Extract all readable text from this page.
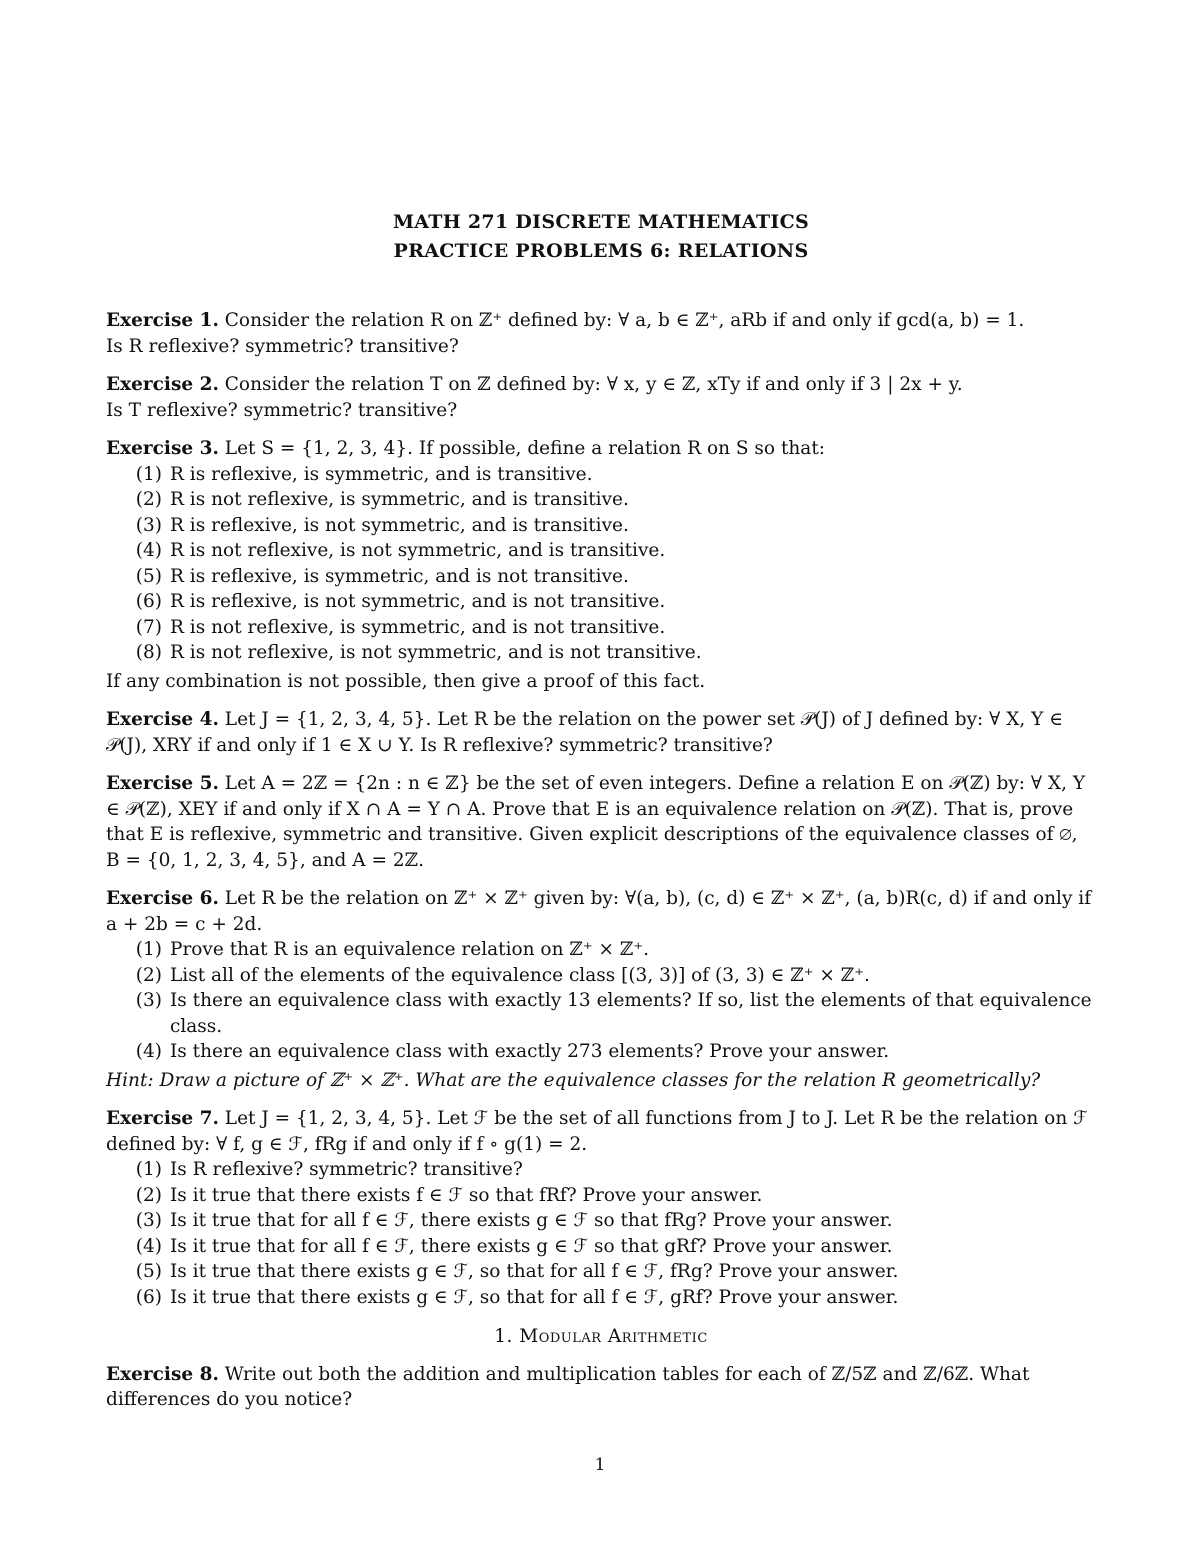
MATH 271 DISCRETE MATHEMATICS
PRACTICE PROBLEMS 6: RELATIONS
Exercise 1. Consider the relation R on ℤ⁺ defined by: ∀ a, b ∈ ℤ⁺, aRb if and only if gcd(a, b) = 1.
Is R reflexive? symmetric? transitive?
Exercise 2. Consider the relation T on ℤ defined by: ∀ x, y ∈ ℤ, xTy if and only if 3 | 2x + y.
Is T reflexive? symmetric? transitive?
Exercise 3. Let S = {1, 2, 3, 4}. If possible, define a relation R on S so that:
(1) R is reflexive, is symmetric, and is transitive.
(2) R is not reflexive, is symmetric, and is transitive.
(3) R is reflexive, is not symmetric, and is transitive.
(4) R is not reflexive, is not symmetric, and is transitive.
(5) R is reflexive, is symmetric, and is not transitive.
(6) R is reflexive, is not symmetric, and is not transitive.
(7) R is not reflexive, is symmetric, and is not transitive.
(8) R is not reflexive, is not symmetric, and is not transitive.
If any combination is not possible, then give a proof of this fact.
Exercise 4. Let J = {1, 2, 3, 4, 5}. Let R be the relation on the power set 𝒫(J) of J defined by: ∀ X, Y ∈ 𝒫(J), XRY if and only if 1 ∈ X ∪ Y. Is R reflexive? symmetric? transitive?
Exercise 5. Let A = 2ℤ = {2n : n ∈ ℤ} be the set of even integers. Define a relation E on 𝒫(ℤ) by: ∀ X, Y ∈ 𝒫(ℤ), XEY if and only if X ∩ A = Y ∩ A. Prove that E is an equivalence relation on 𝒫(ℤ). That is, prove that E is reflexive, symmetric and transitive. Given explicit descriptions of the equivalence classes of ∅, B = {0, 1, 2, 3, 4, 5}, and A = 2ℤ.
Exercise 6. Let R be the relation on ℤ⁺ × ℤ⁺ given by: ∀(a, b), (c, d) ∈ ℤ⁺ × ℤ⁺, (a, b)R(c, d) if and only if a + 2b = c + 2d.
(1) Prove that R is an equivalence relation on ℤ⁺ × ℤ⁺.
(2) List all of the elements of the equivalence class [(3, 3)] of (3, 3) ∈ ℤ⁺ × ℤ⁺.
(3) Is there an equivalence class with exactly 13 elements? If so, list the elements of that equivalence class.
(4) Is there an equivalence class with exactly 273 elements? Prove your answer.
Hint: Draw a picture of ℤ⁺ × ℤ⁺. What are the equivalence classes for the relation R geometrically?
Exercise 7. Let J = {1, 2, 3, 4, 5}. Let ℱ be the set of all functions from J to J. Let R be the relation on ℱ defined by: ∀ f, g ∈ ℱ, fRg if and only if f ∘ g(1) = 2.
(1) Is R reflexive? symmetric? transitive?
(2) Is it true that there exists f ∈ ℱ so that fRf? Prove your answer.
(3) Is it true that for all f ∈ ℱ, there exists g ∈ ℱ so that fRg? Prove your answer.
(4) Is it true that for all f ∈ ℱ, there exists g ∈ ℱ so that gRf? Prove your answer.
(5) Is it true that there exists g ∈ ℱ, so that for all f ∈ ℱ, fRg? Prove your answer.
(6) Is it true that there exists g ∈ ℱ, so that for all f ∈ ℱ, gRf? Prove your answer.
1. Modular Arithmetic
Exercise 8. Write out both the addition and multiplication tables for each of ℤ/5ℤ and ℤ/6ℤ. What differences do you notice?
1
